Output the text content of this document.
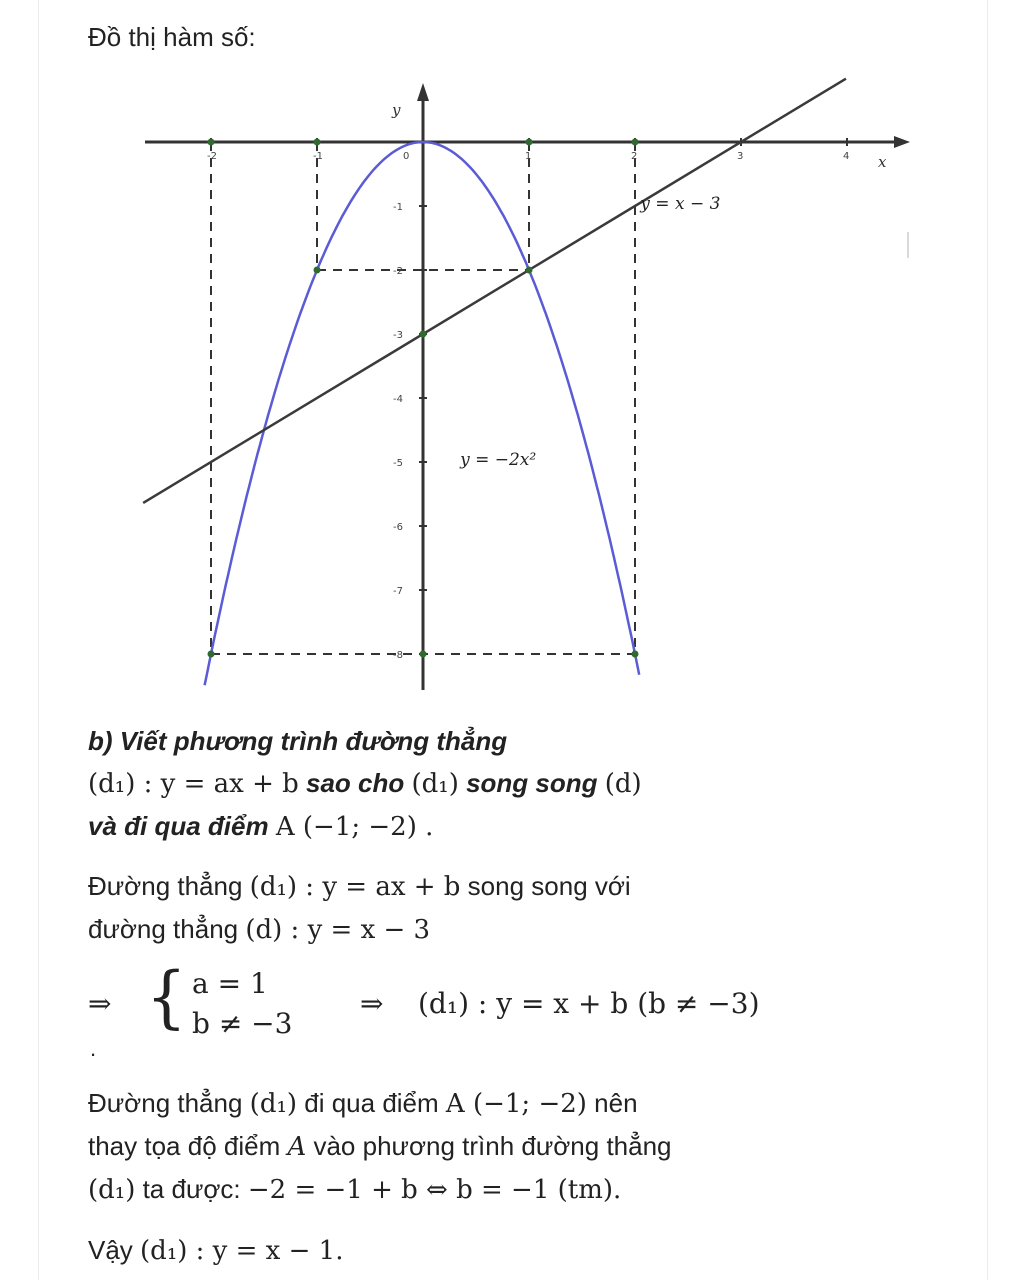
Đồ thị hàm số:
x
y
-2	-1	0	1	2	3	4
-1
-2
-3
-4
-5
-6
-7
-8
y = x − 3
y = −2x²
b) Viết phương trình đường thẳng
(d₁) : y = ax + b sao cho (d₁) song song (d)
và đi qua điểm A (−1; −2) .
Đường thẳng (d₁) : y = ax + b song song với
đường thẳng (d) : y = x − 3
⇒ { a = 1
b ≠ −3
⇒ (d₁) : y = x + b (b ≠ −3)
.
Đường thẳng (d₁) đi qua điểm A (−1; −2) nên
thay tọa độ điểm A vào phương trình đường thẳng
(d₁) ta được: −2 = −1 + b ⇔ b = −1 (tm).
Vậy (d₁) : y = x − 1.
